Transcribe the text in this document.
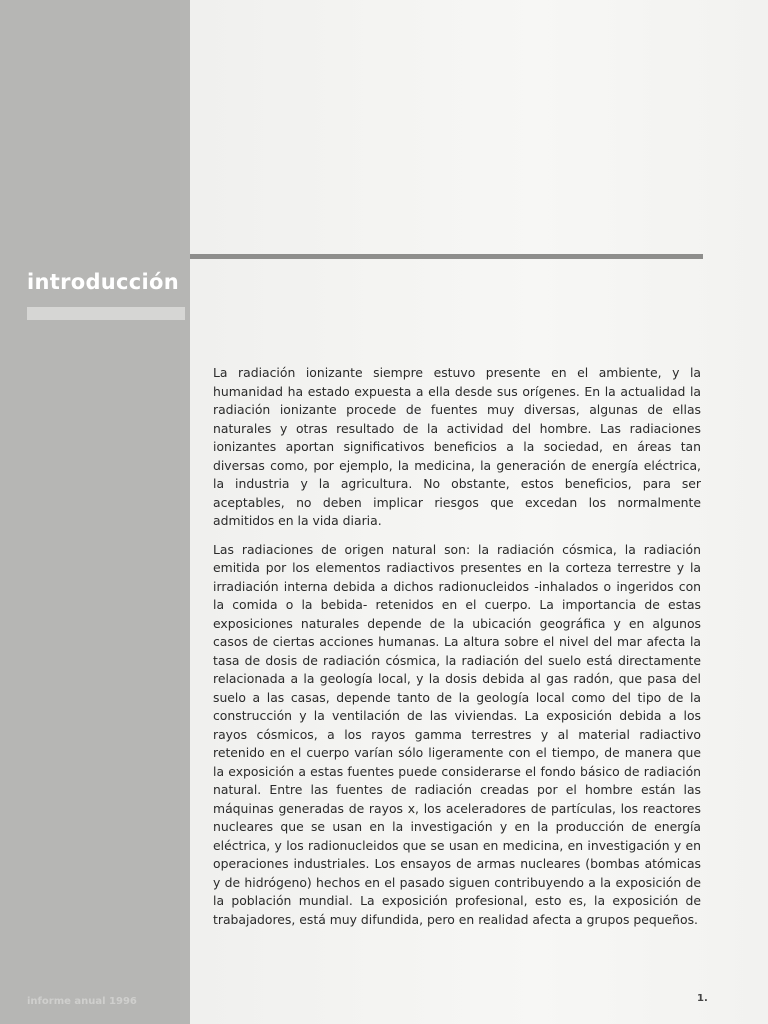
introducción

La radiación ionizante siempre estuvo presente en el ambiente, y la humanidad ha estado expuesta a ella desde sus orígenes. En la actualidad la radiación ionizante procede de fuentes muy diversas, algunas de ellas naturales y otras resultado de la actividad del hombre. Las radiaciones ionizantes aportan significativos beneficios a la sociedad, en áreas tan diversas como, por ejemplo, la medicina, la generación de energía eléctrica, la industria y la agricultura. No obstante, estos beneficios, para ser aceptables, no deben implicar riesgos que excedan los normalmente admitidos en la vida diaria.

Las radiaciones de origen natural son: la radiación cósmica, la radiación emitida por los elementos radiactivos presentes en la corteza terrestre y la irradiación interna debida a dichos radionucleidos -inhalados o ingeridos con la comida o la bebida- retenidos en el cuerpo. La importancia de estas exposiciones naturales depende de la ubicación geográfica y en algunos casos de ciertas acciones humanas. La altura sobre el nivel del mar afecta la tasa de dosis de radiación cósmica, la radiación del suelo está directamente relacionada a la geología local, y la dosis debida al gas radón, que pasa del suelo a las casas, depende tanto de la geología local como del tipo de la construcción y la ventilación de las viviendas. La exposición debida a los rayos cósmicos, a los rayos gamma terrestres y al material radiactivo retenido en el cuerpo varían sólo ligeramente con el tiempo, de manera que la exposición a estas fuentes puede considerarse el fondo básico de radiación natural. Entre las fuentes de radiación creadas por el hombre están las máquinas generadas de rayos x, los aceleradores de partículas, los reactores nucleares que se usan en la investigación y en la producción de energía eléctrica, y los radionucleidos que se usan en medicina, en investigación y en operaciones industriales. Los ensayos de armas nucleares (bombas atómicas y de hidrógeno) hechos en el pasado siguen contribuyendo a la exposición de la población mundial. La exposición profesional, esto es, la exposición de trabajadores, está muy difundida, pero en realidad afecta a grupos pequeños.

informe anual 1996	1.
